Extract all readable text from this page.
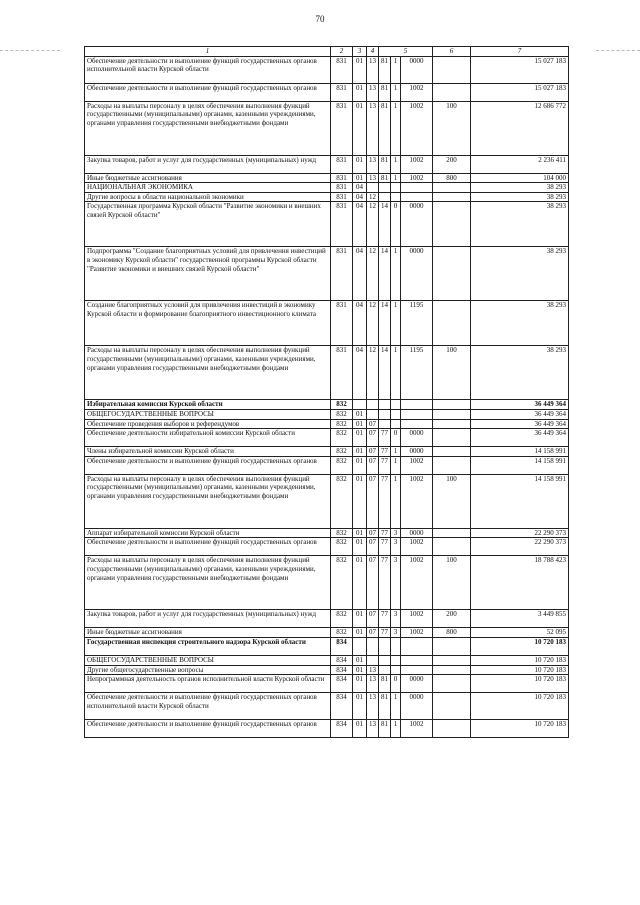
70
1	2	3	4	5			6	7
Обеспечение деятельности и выполнение функций государственных органов исполнительной власти Курской области	831	01	13	81	1	0000		15 027 183
Обеспечение деятельности и выполнение функций государственных органов	831	01	13	81	1	1002		15 027 183
Расходы на выплаты персоналу в целях обеспечения выполнения функций государственными (муниципальными) органами, казенными учреждениями, органами управления государственными внебюджетными фондами	831	01	13	81	1	1002	100	12 686 772
Закупка товаров, работ и услуг для государственных (муниципальных) нужд	831	01	13	81	1	1002	200	2 236 411
Иные бюджетные ассигнования	831	01	13	81	1	1002	800	104 000
НАЦИОНАЛЬНАЯ ЭКОНОМИКА	831	04						38 293
Другие вопросы в области национальной экономики	831	04	12					38 293
Государственная программа Курской области "Развитие экономики и внешних связей Курской области"	831	04	12	14	0	0000		38 293
Подпрограмма "Создание благоприятных условий для привлечения инвестиций в экономику Курской области" государственной программы Курской области "Развитие экономики и внешних связей Курской области"	831	04	12	14	1	0000		38 293
Создание благоприятных условий для привлечения инвестиций в экономику Курской области и формирование благоприятного инвестиционного климата	831	04	12	14	1	1195		38 293
Расходы на выплаты персоналу в целях обеспечения выполнения функций государственными (муниципальными) органами, казенными учреждениями, органами управления государственными внебюджетными фондами	831	04	12	14	1	1195	100	38 293
Избирательная комиссия Курской области	832							36 449 364
ОБЩЕГОСУДАРСТВЕННЫЕ ВОПРОСЫ	832	01						36 449 364
Обеспечение проведения выборов и референдумов	832	01	07					36 449 364
Обеспечение деятельности избирательной комиссии Курской области	832	01	07	77	0	0000		36 449 364
Члены избирательной комиссии Курской области	832	01	07	77	1	0000		14 158 991
Обеспечение деятельности и выполнение функций государственных органов	832	01	07	77	1	1002		14 158 991
Расходы на выплаты персоналу в целях обеспечения выполнения функций государственными (муниципальными) органами, казенными учреждениями, органами управления государственными внебюджетными фондами	832	01	07	77	1	1002	100	14 158 991
Аппарат избирательной комиссии Курской области	832	01	07	77	3	0000		22 290 373
Обеспечение деятельности и выполнение функций государственных органов	832	01	07	77	3	1002		22 290 373
Расходы на выплаты персоналу в целях обеспечения выполнения функций государственными (муниципальными) органами, казенными учреждениями, органами управления государственными внебюджетными фондами	832	01	07	77	3	1002	100	18 788 423
Закупка товаров, работ и услуг для государственных (муниципальных) нужд	832	01	07	77	3	1002	200	3 449 855
Иные бюджетные ассигнования	832	01	07	77	3	1002	800	52 095
Государственная инспекция строительного надзора Курской области	834							10 720 183
ОБЩЕГОСУДАРСТВЕННЫЕ ВОПРОСЫ	834	01						10 720 183
Другие общегосударственные вопросы	834	01	13					10 720 183
Непрограммная деятельность органов исполнительной власти Курской области	834	01	13	81	0	0000		10 720 183
Обеспечение деятельности и выполнение функций государственных органов исполнительной власти Курской области	834	01	13	81	1	0000		10 720 183
Обеспечение деятельности и выполнение функций государственных органов	834	01	13	81	1	1002		10 720 183
